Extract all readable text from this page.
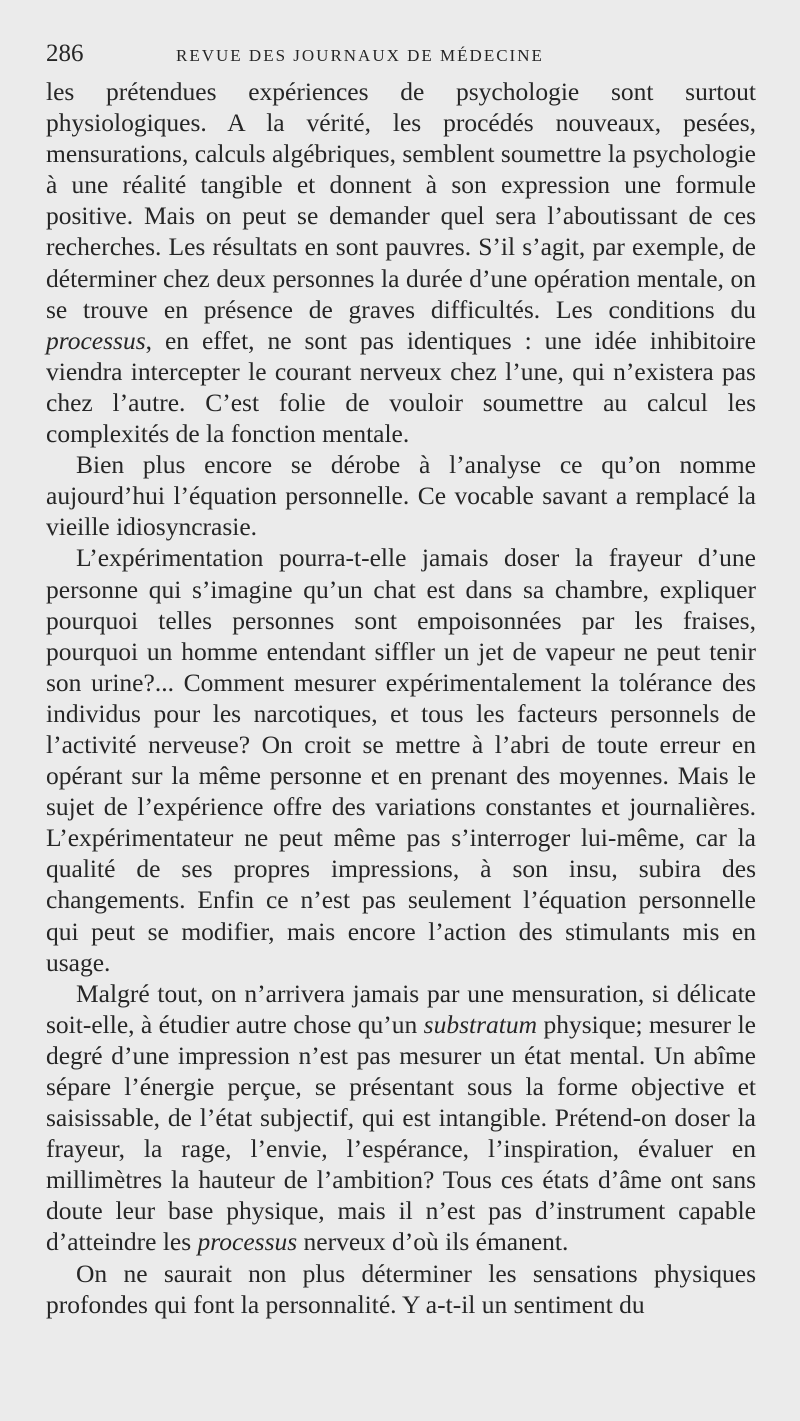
286	REVUE DES JOURNAUX DE MÉDECINE

les prétendues expériences de psychologie sont surtout physiologiques. A la vérité, les procédés nouveaux, pesées, mensurations, calculs algébriques, semblent soumettre la psychologie à une réalité tangible et donnent à son expression une formule positive. Mais on peut se demander quel sera l’aboutissant de ces recherches. Les résultats en sont pauvres. S’il s’agit, par exemple, de déterminer chez deux personnes la durée d’une opération mentale, on se trouve en présence de graves difficultés. Les conditions du processus, en effet, ne sont pas identiques : une idée inhibitoire viendra intercepter le courant nerveux chez l’une, qui n’existera pas chez l’autre. C’est folie de vouloir soumettre au calcul les complexités de la fonction mentale.

Bien plus encore se dérobe à l’analyse ce qu’on nomme aujourd’hui l’équation personnelle. Ce vocable savant a remplacé la vieille idiosyncrasie.

L’expérimentation pourra-t-elle jamais doser la frayeur d’une personne qui s’imagine qu’un chat est dans sa chambre, expliquer pourquoi telles personnes sont empoisonnées par les fraises, pourquoi un homme entendant siffler un jet de vapeur ne peut tenir son urine?... Comment mesurer expérimentalement la tolérance des individus pour les narcotiques, et tous les facteurs personnels de l’activité nerveuse? On croit se mettre à l’abri de toute erreur en opérant sur la même personne et en prenant des moyennes. Mais le sujet de l’expérience offre des variations constantes et journalières. L’expérimentateur ne peut même pas s’interroger lui-même, car la qualité de ses propres impressions, à son insu, subira des changements. Enfin ce n’est pas seulement l’équation personnelle qui peut se modifier, mais encore l’action des stimulants mis en usage.

Malgré tout, on n’arrivera jamais par une mensuration, si délicate soit-elle, à étudier autre chose qu’un substratum physique; mesurer le degré d’une impression n’est pas mesurer un état mental. Un abîme sépare l’énergie perçue, se présentant sous la forme objective et saisissable, de l’état subjectif, qui est intangible. Prétend-on doser la frayeur, la rage, l’envie, l’espérance, l’inspiration, évaluer en millimètres la hauteur de l’ambition? Tous ces états d’âme ont sans doute leur base physique, mais il n’est pas d’instrument capable d’atteindre les processus nerveux d’où ils émanent.

On ne saurait non plus déterminer les sensations physiques profondes qui font la personnalité. Y a-t-il un sentiment du
